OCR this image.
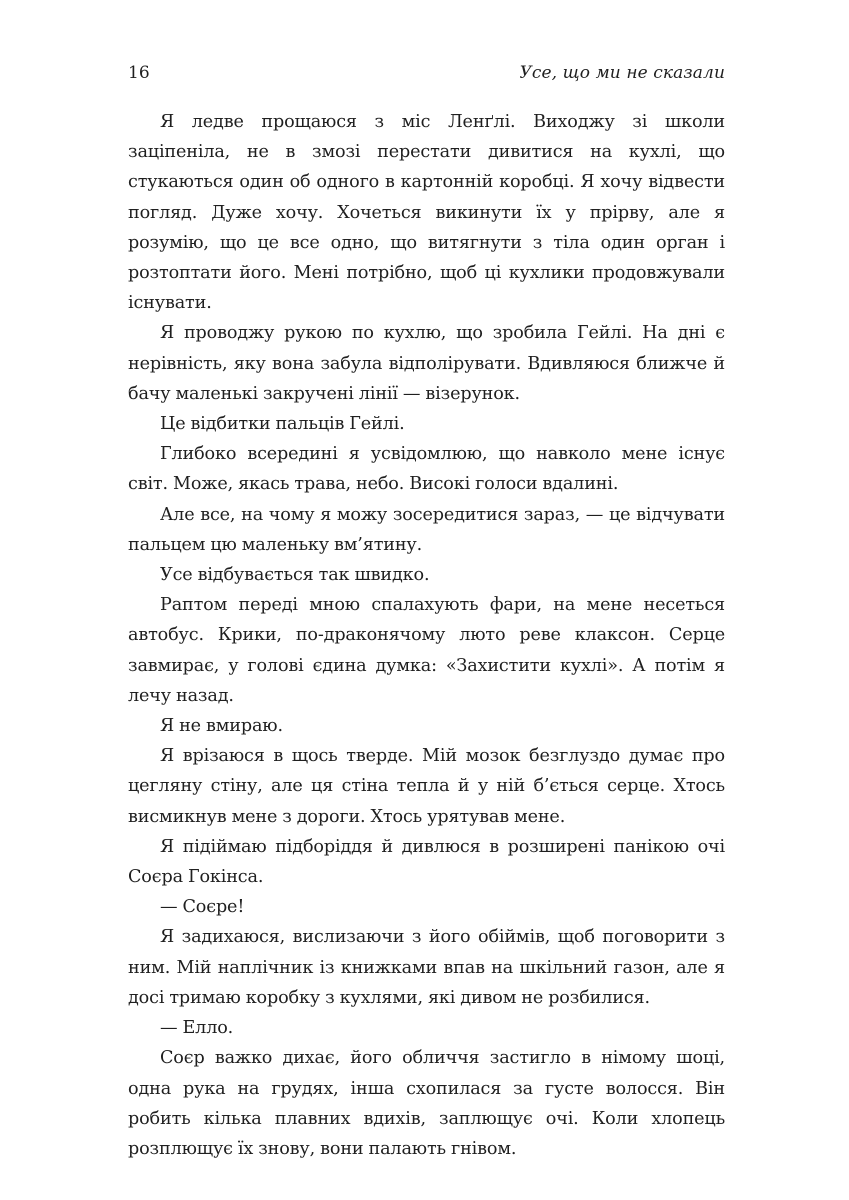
16	Усе, що ми не сказали

Я ледве прощаюся з міс Ленґлі. Виходжу зі школи заціпеніла, не в змозі перестати дивитися на кухлі, що стукаються один об одного в картонній коробці. Я хочу відвести погляд. Дуже хочу. Хочеться викинути їх у прірву, але я розумію, що це все одно, що витягнути з тіла один орган і розтоптати його. Мені потрібно, щоб ці кухлики продовжували існувати.

Я проводжу рукою по кухлю, що зробила Гейлі. На дні є нерівність, яку вона забула відполірувати. Вдивляюся ближче й бачу маленькі закручені лінії — візерунок.

Це відбитки пальців Гейлі.

Глибоко всередині я усвідомлюю, що навколо мене існує світ. Може, якась трава, небо. Високі голоси вдалині.

Але все, на чому я можу зосередитися зараз, — це відчувати пальцем цю маленьку вм’ятину.

Усе відбувається так швидко.

Раптом переді мною спалахують фари, на мене несеться автобус. Крики, по-драконячому люто реве клаксон. Серце завмирає, у голові єдина думка: «Захистити кухлі». А потім я лечу назад.

Я не вмираю.

Я врізаюся в щось тверде. Мій мозок безглуздо думає про цегляну стіну, але ця стіна тепла й у ній б’ється серце. Хтось висмикнув мене з дороги. Хтось урятував мене.

Я підіймаю підборіддя й дивлюся в розширені панікою очі Соєра Гокінса.

— Соєре!

Я задихаюся, вислизаючи з його обіймів, щоб поговорити з ним. Мій наплічник із книжками впав на шкільний газон, але я досі тримаю коробку з кухлями, які дивом не розбилися.

— Елло.

Соєр важко дихає, його обличчя застигло в німому шоці, одна рука на грудях, інша схопилася за густе волосся. Він робить кілька плавних вдихів, заплющує очі. Коли хлопець розплющує їх знову, вони палають гнівом.
